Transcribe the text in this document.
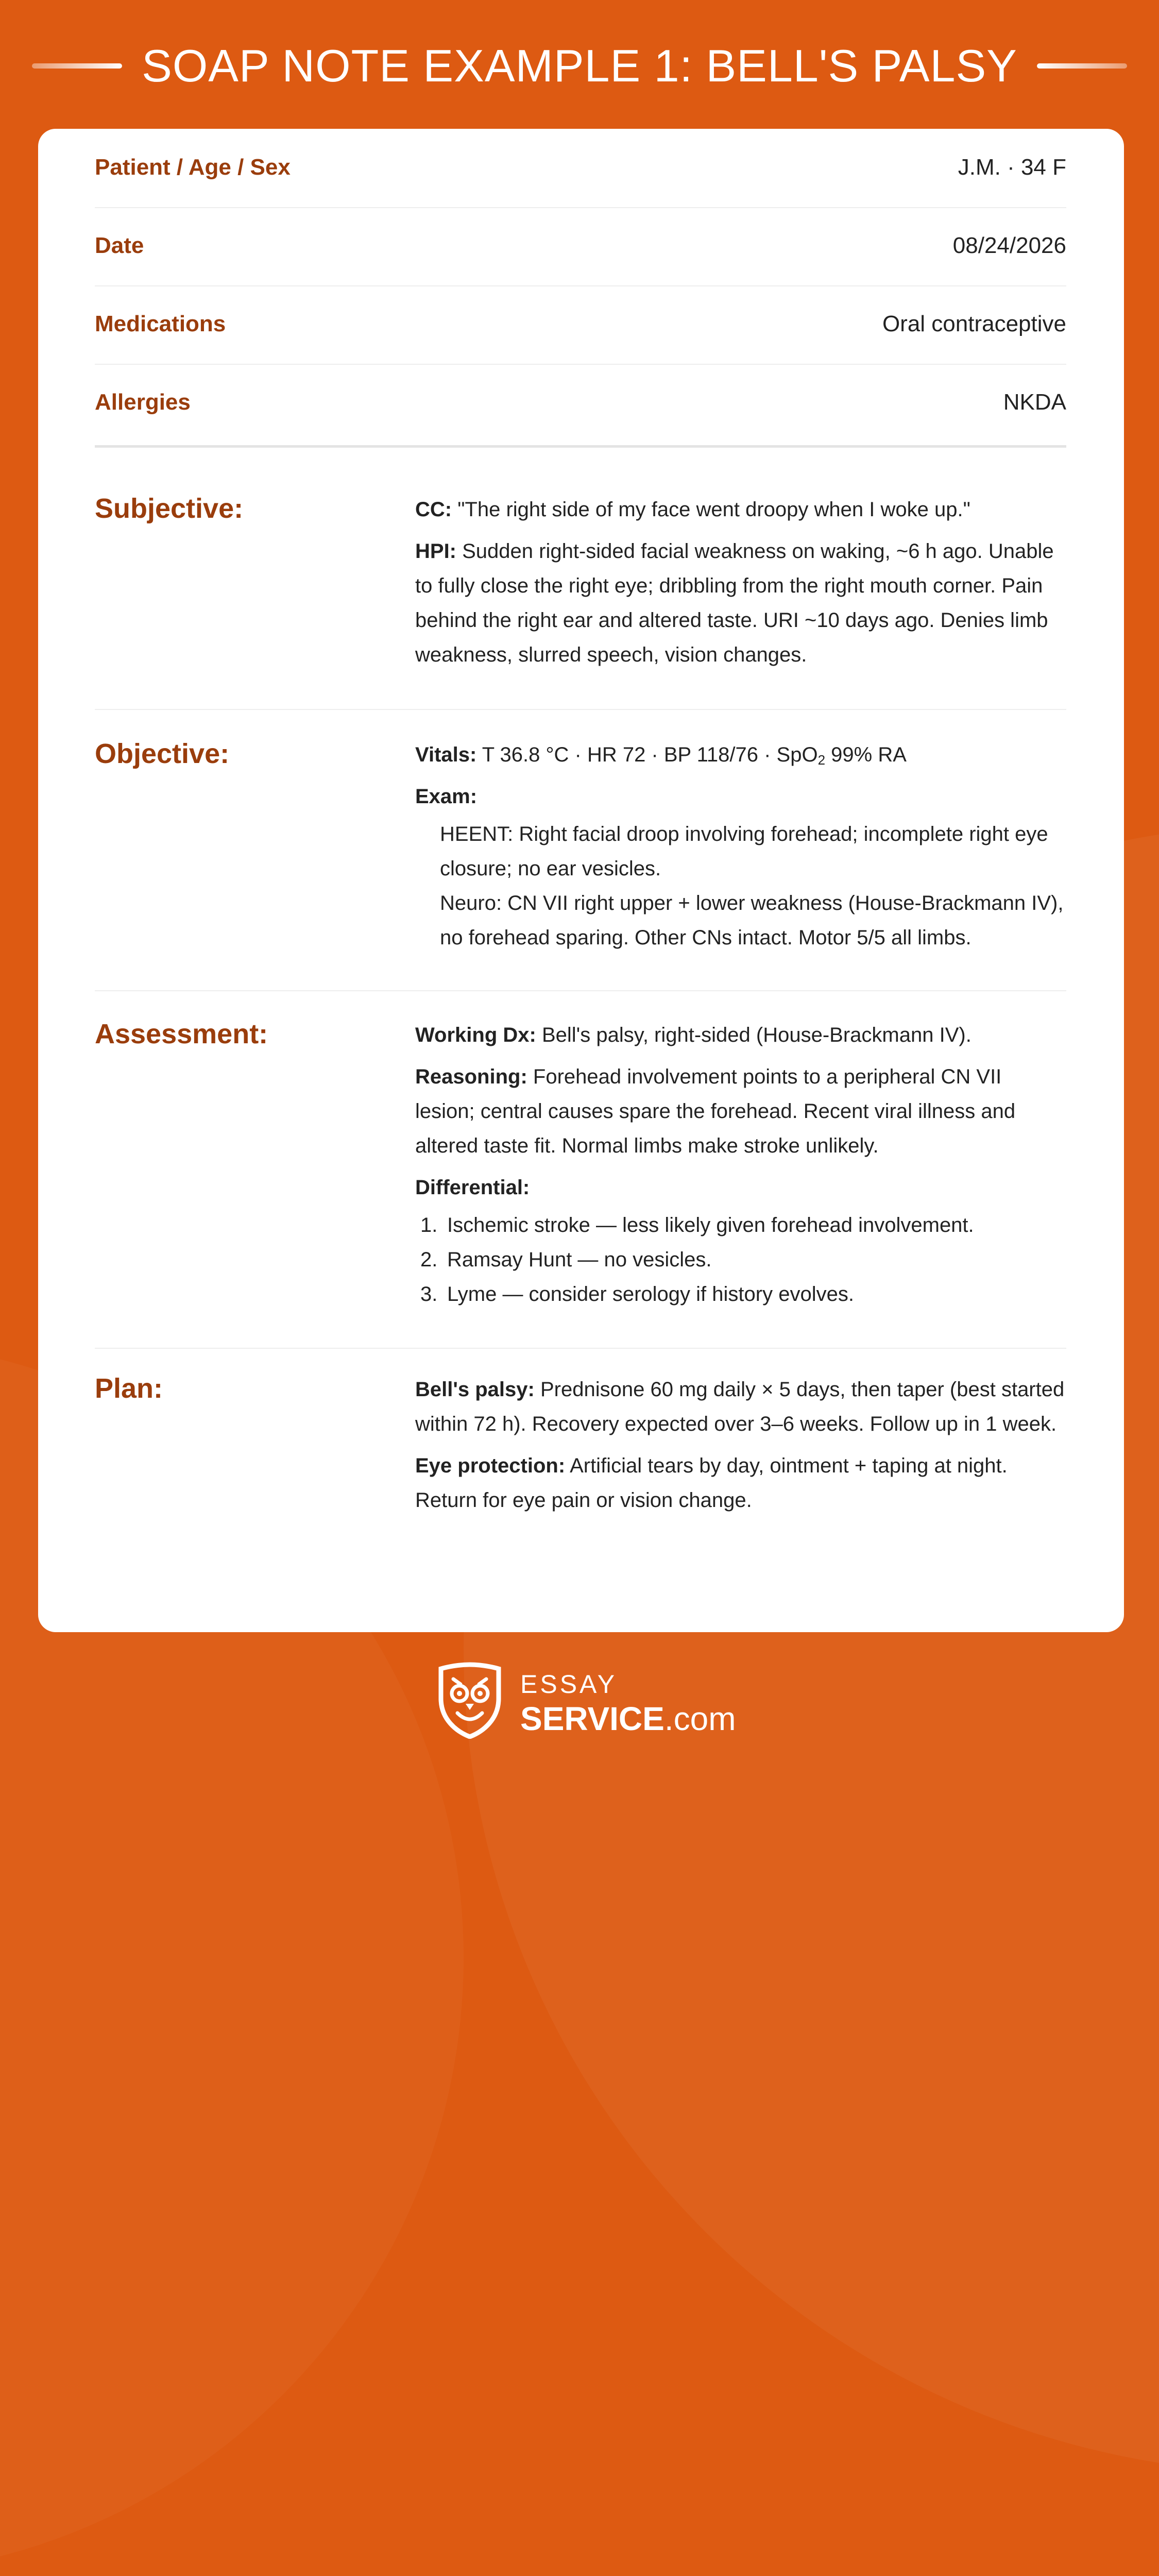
SOAP NOTE EXAMPLE 1: BELL'S PALSY
Patient / Age / Sex	J.M. · 34 F
Date	08/24/2026
Medications	Oral contraceptive
Allergies	NKDA
Subjective:	CC: "The right side of my face went droopy when I woke up."

HPI: Sudden right-sided facial weakness on waking, ~6 h ago. Unable to fully close the right eye; dribbling from the right mouth corner. Pain behind the right ear and altered taste. URI ~10 days ago. Denies limb weakness, slurred speech, vision changes.

Objective:	Vitals: T 36.8 °C · HR 72 · BP 118/76 · SpO$_2$ 99% RA

Exam:

HEENT: Right facial droop involving forehead; incomplete right eye closure; no ear vesicles.
Neuro: CN VII right upper + lower weakness (House-Brackmann IV), no forehead sparing. Other CNs intact. Motor 5/5 all limbs.
Assessment:	Working Dx: Bell's palsy, right-sided (House-Brackmann IV).

Reasoning: Forehead involvement points to a peripheral CN VII lesion; central causes spare the forehead. Recent viral illness and altered taste fit. Normal limbs make stroke unlikely.

Differential:

1. Ischemic stroke — less likely given forehead involvement.
2. Ramsay Hunt — no vesicles.
3. Lyme — consider serology if history evolves.
Plan:	Bell's palsy: Prednisone 60 mg daily × 5 days, then taper (best started within 72 h). Recovery expected over 3–6 weeks. Follow up in 1 week.

Eye protection: Artificial tears by day, ointment + taping at night. Return for eye pain or vision change.

ESSAY
SERVICE.com
